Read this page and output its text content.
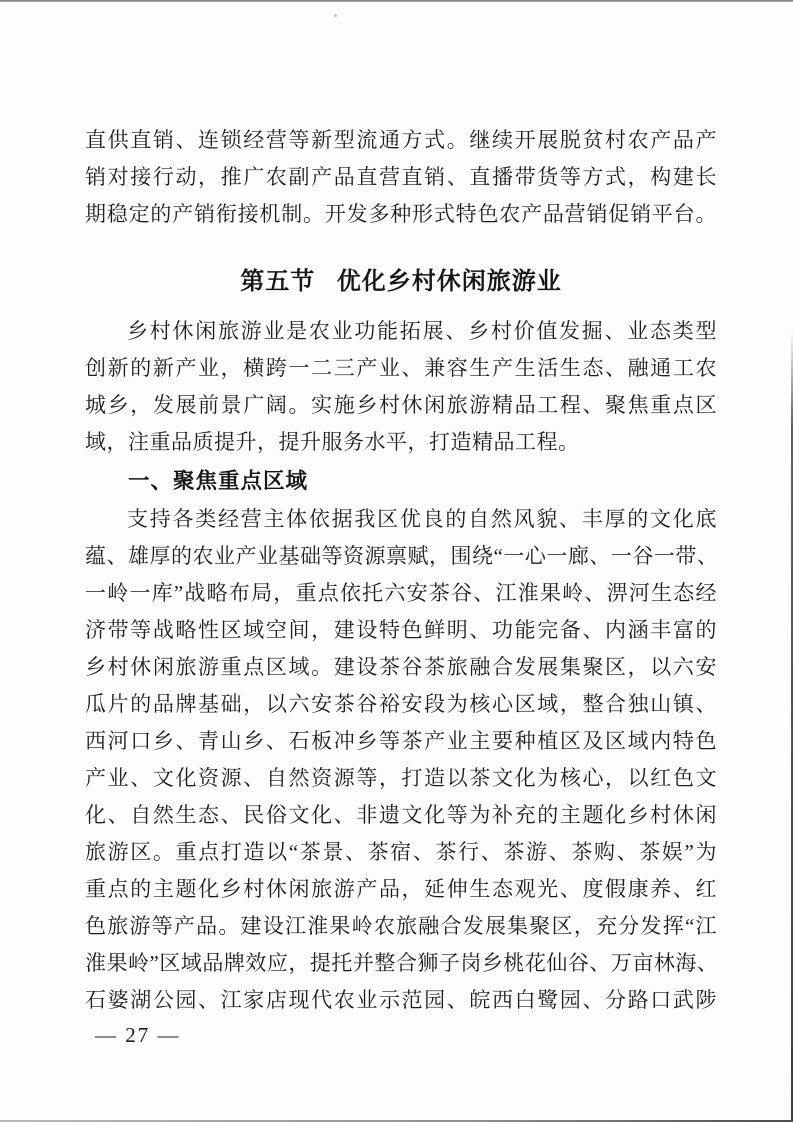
直供直销、连锁经营等新型流通方式。继续开展脱贫村农产品产

销对接行动，推广农副产品直营直销、直播带货等方式，构建长

期稳定的产销衔接机制。开发多种形式特色农产品营销促销平台。

第五节 优化乡村休闲旅游业

乡村休闲旅游业是农业功能拓展、乡村价值发掘、业态类型

创新的新产业，横跨一二三产业、兼容生产生活生态、融通工农

城乡，发展前景广阔。实施乡村休闲旅游精品工程、聚焦重点区

域，注重品质提升，提升服务水平，打造精品工程。

一、聚焦重点区域

支持各类经营主体依据我区优良的自然风貌、丰厚的文化底

蕴、雄厚的农业产业基础等资源禀赋，围绕“一心一廊、一谷一带、

一岭一库”战略布局，重点依托六安茶谷、江淮果岭、淠河生态经

济带等战略性区域空间，建设特色鲜明、功能完备、内涵丰富的

乡村休闲旅游重点区域。建设茶谷茶旅融合发展集聚区，以六安

瓜片的品牌基础，以六安茶谷裕安段为核心区域，整合独山镇、

西河口乡、青山乡、石板冲乡等茶产业主要种植区及区域内特色

产业、文化资源、自然资源等，打造以茶文化为核心，以红色文

化、自然生态、民俗文化、非遗文化等为补充的主题化乡村休闲

旅游区。重点打造以“茶景、茶宿、茶行、茶游、茶购、茶娱”为

重点的主题化乡村休闲旅游产品，延伸生态观光、度假康养、红

色旅游等产品。建设江淮果岭农旅融合发展集聚区，充分发挥“江

淮果岭”区域品牌效应，提托并整合狮子岗乡桃花仙谷、万亩林海、

石婆湖公园、江家店现代农业示范园、皖西白鹭园、分路口武陟

— 27 —
